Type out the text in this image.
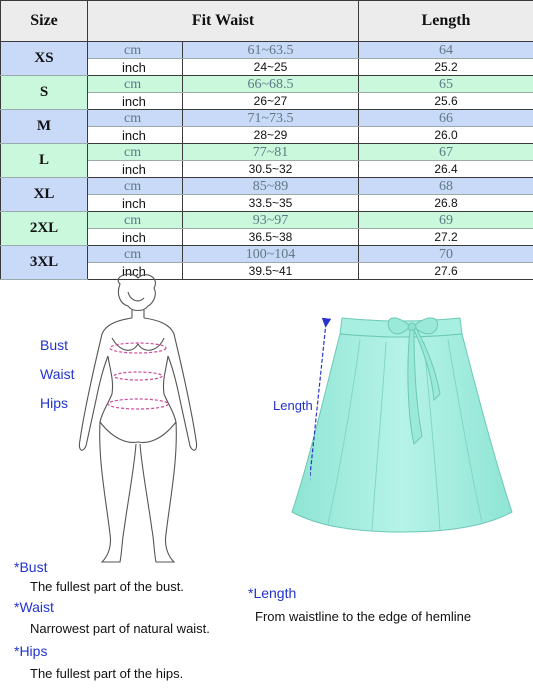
Size	Fit Waist		Length
XS	cm	61~63.5	64
	inch	24~25	25.2
S	cm	66~68.5	65
	inch	26~27	25.6
M	cm	71~73.5	66
	inch	28~29	26.0
L	cm	77~81	67
	inch	30.5~32	26.4
XL	cm	85~89	68
	inch	33.5~35	26.8
2XL	cm	93~97	69
	inch	36.5~38	27.2
3XL	cm	100~104	70
	inch	39.5~41	27.6
Bust
Waist
Hips	Length
*Bust
The fullest part of the bust.
*Waist
Narrowest part of natural waist.
*Hips
The fullest part of the hips.
*Length
From waistline to the edge of hemline
